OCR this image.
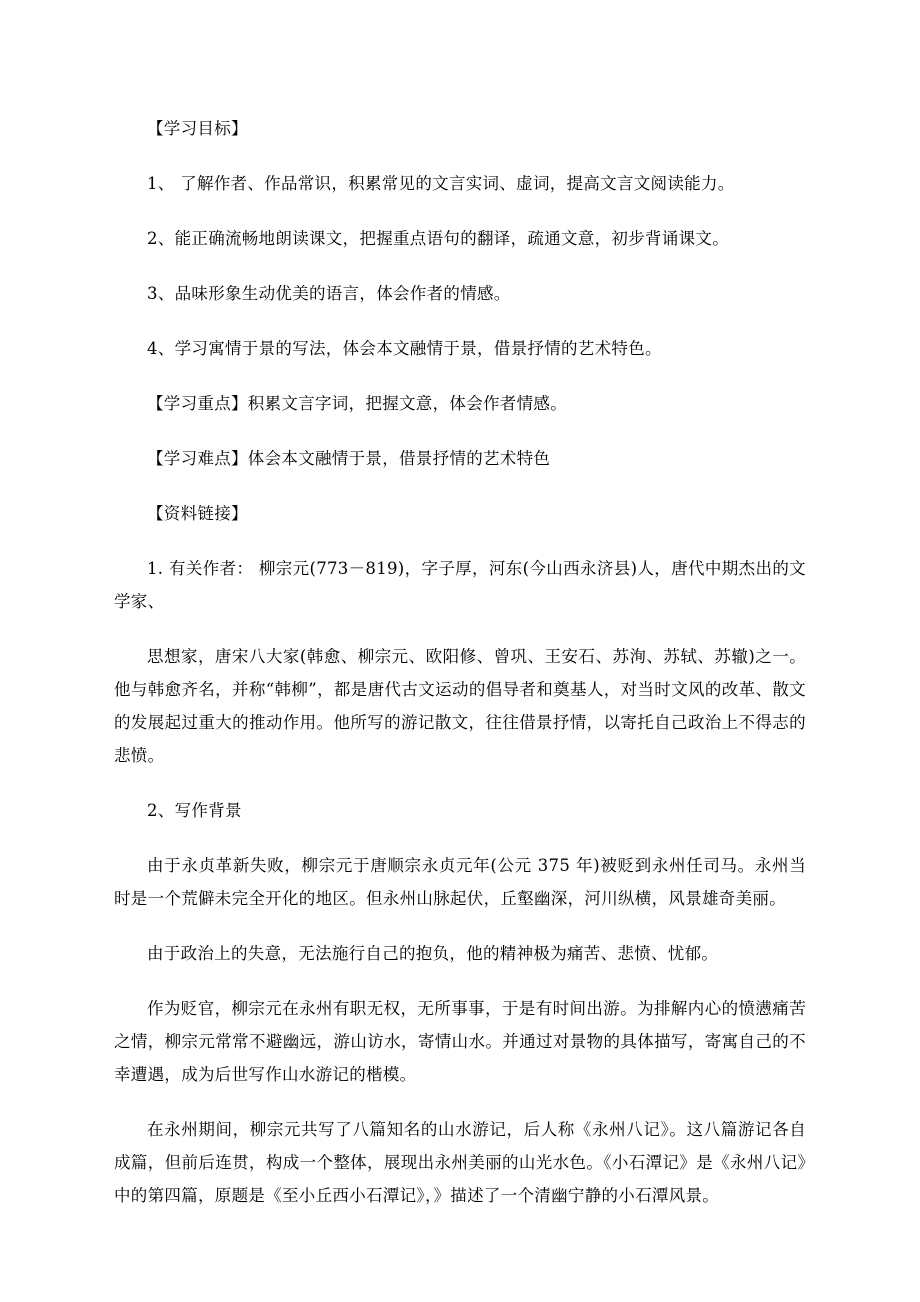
【学习目标】

1、 了解作者、作品常识，积累常见的文言实词、虚词，提高文言文阅读能力。

2、能正确流畅地朗读课文，把握重点语句的翻译，疏通文意，初步背诵课文。

3、品味形象生动优美的语言，体会作者的情感。

4、学习寓情于景的写法，体会本文融情于景，借景抒情的艺术特色。

【学习重点】积累文言字词，把握文意，体会作者情感。

【学习难点】体会本文融情于景，借景抒情的艺术特色

【资料链接】

1. 有关作者： 柳宗元(773－819)，字子厚，河东(今山西永济县)人，唐代中期杰出的文学家、

思想家，唐宋八大家(韩愈、柳宗元、欧阳修、曾巩、王安石、苏洵、苏轼、苏辙)之一。他与韩愈齐名，并称“韩柳”，都是唐代古文运动的倡导者和奠基人，对当时文风的改革、散文的发展起过重大的推动作用。他所写的游记散文，往往借景抒情，以寄托自己政治上不得志的悲愤。

2、写作背景

由于永贞革新失败，柳宗元于唐顺宗永贞元年(公元 375 年)被贬到永州任司马。永州当时是一个荒僻未完全开化的地区。但永州山脉起伏，丘壑幽深，河川纵横，风景雄奇美丽。

由于政治上的失意，无法施行自己的抱负，他的精神极为痛苦、悲愤、忧郁。

作为贬官，柳宗元在永州有职无权，无所事事，于是有时间出游。为排解内心的愤懑痛苦之情，柳宗元常常不避幽远，游山访水，寄情山水。并通过对景物的具体描写，寄寓自己的不幸遭遇，成为后世写作山水游记的楷模。

在永州期间，柳宗元共写了八篇知名的山水游记，后人称《永州八记》。这八篇游记各自成篇，但前后连贯，构成一个整体，展现出永州美丽的山光水色。《小石潭记》是《永州八记》中的第四篇，原题是《至小丘西小石潭记》，》描述了一个清幽宁静的小石潭风景。
